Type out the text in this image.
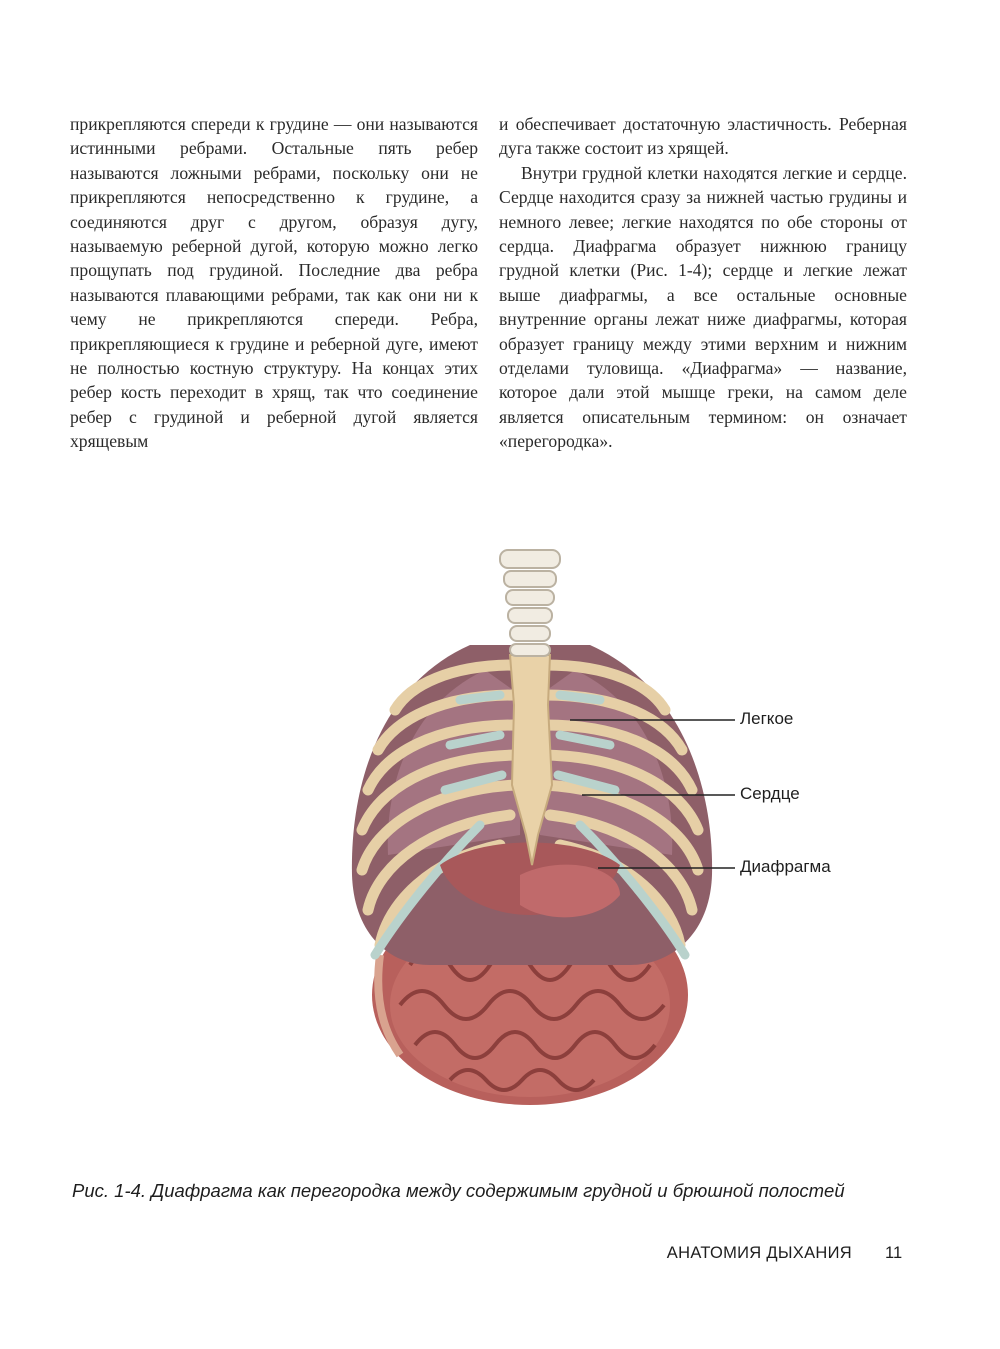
прикрепляются спереди к грудине — они называются истинными ребрами. Остальные пять ребер называются ложными ребрами, поскольку они не прикрепляются непосредственно к грудине, а соединяются друг с другом, образуя дугу, называемую реберной дугой, которую можно легко прощупать под грудиной. Последние два ребра называются плавающими ребрами, так как они ни к чему не прикрепляются спереди. Ребра, прикрепляющиеся к грудине и реберной дуге, имеют не полностью костную структуру. На концах этих ребер кость переходит в хрящ, так что соединение ребер с грудиной и реберной дугой является хрящевым

и обеспечивает достаточную эластичность. Реберная дуга также состоит из хрящей.

Внутри грудной клетки находятся легкие и сердце. Сердце находится сразу за нижней частью грудины и немного левее; легкие находятся по обе стороны от сердца. Диафрагма образует нижнюю границу грудной клетки (Рис. 1-4); сердце и легкие лежат выше диафрагмы, а все остальные основные внутренние органы лежат ниже диафрагмы, которая образует границу между этими верхним и нижним отделами туловища. «Диафрагма» — название, которое дали этой мышце греки, на самом деле является описательным термином: он означает «перегородка».

Легкое
Сердце
Диафрагма
Рис. 1-4. Диафрагма как перегородка между содержимым грудной и брюшной полостей
АНАТОМИЯ ДЫХАНИЯ 11
